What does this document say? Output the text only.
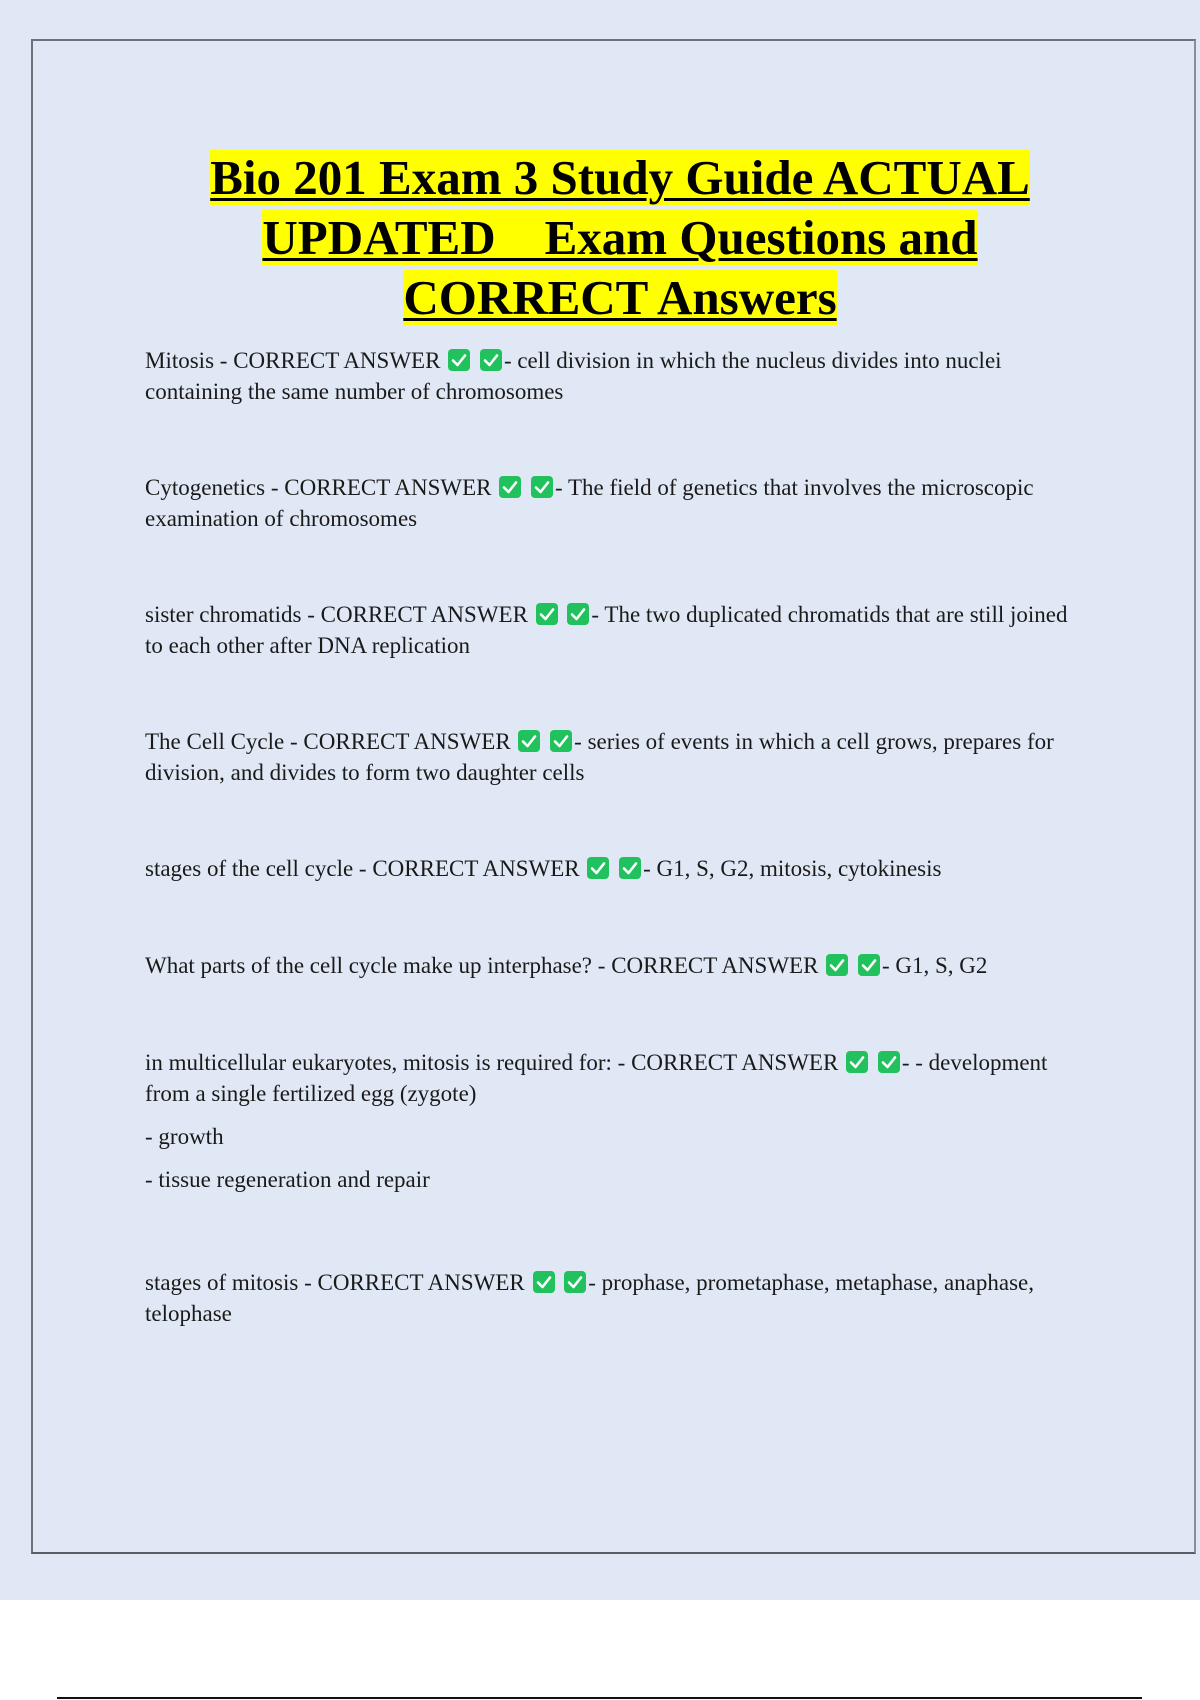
Bio 201 Exam 3 Study Guide ACTUAL
UPDATED    Exam Questions and
CORRECT Answers
Mitosis - CORRECT ANSWER
	- cell division in which the nucleus divides into nuclei containing the same number of chromosomes
Cytogenetics - CORRECT ANSWER
	- The field of genetics that involves the microscopic examination of chromosomes
sister chromatids - CORRECT ANSWER
	- The two duplicated chromatids that are still joined to each other after DNA replication
The Cell Cycle - CORRECT ANSWER
	- series of events in which a cell grows, prepares for division, and divides to form two daughter cells
stages of the cell cycle - CORRECT ANSWER
	- G1, S, G2, mitosis, cytokinesis
What parts of the cell cycle make up interphase? - CORRECT ANSWER
	- G1, S, G2
in multicellular eukaryotes, mitosis is required for: - CORRECT ANSWER
	- - development from a single fertilized egg (zygote)
- growth
- tissue regeneration and repair
stages of mitosis - CORRECT ANSWER
	- prophase, prometaphase, metaphase, anaphase, telophase
